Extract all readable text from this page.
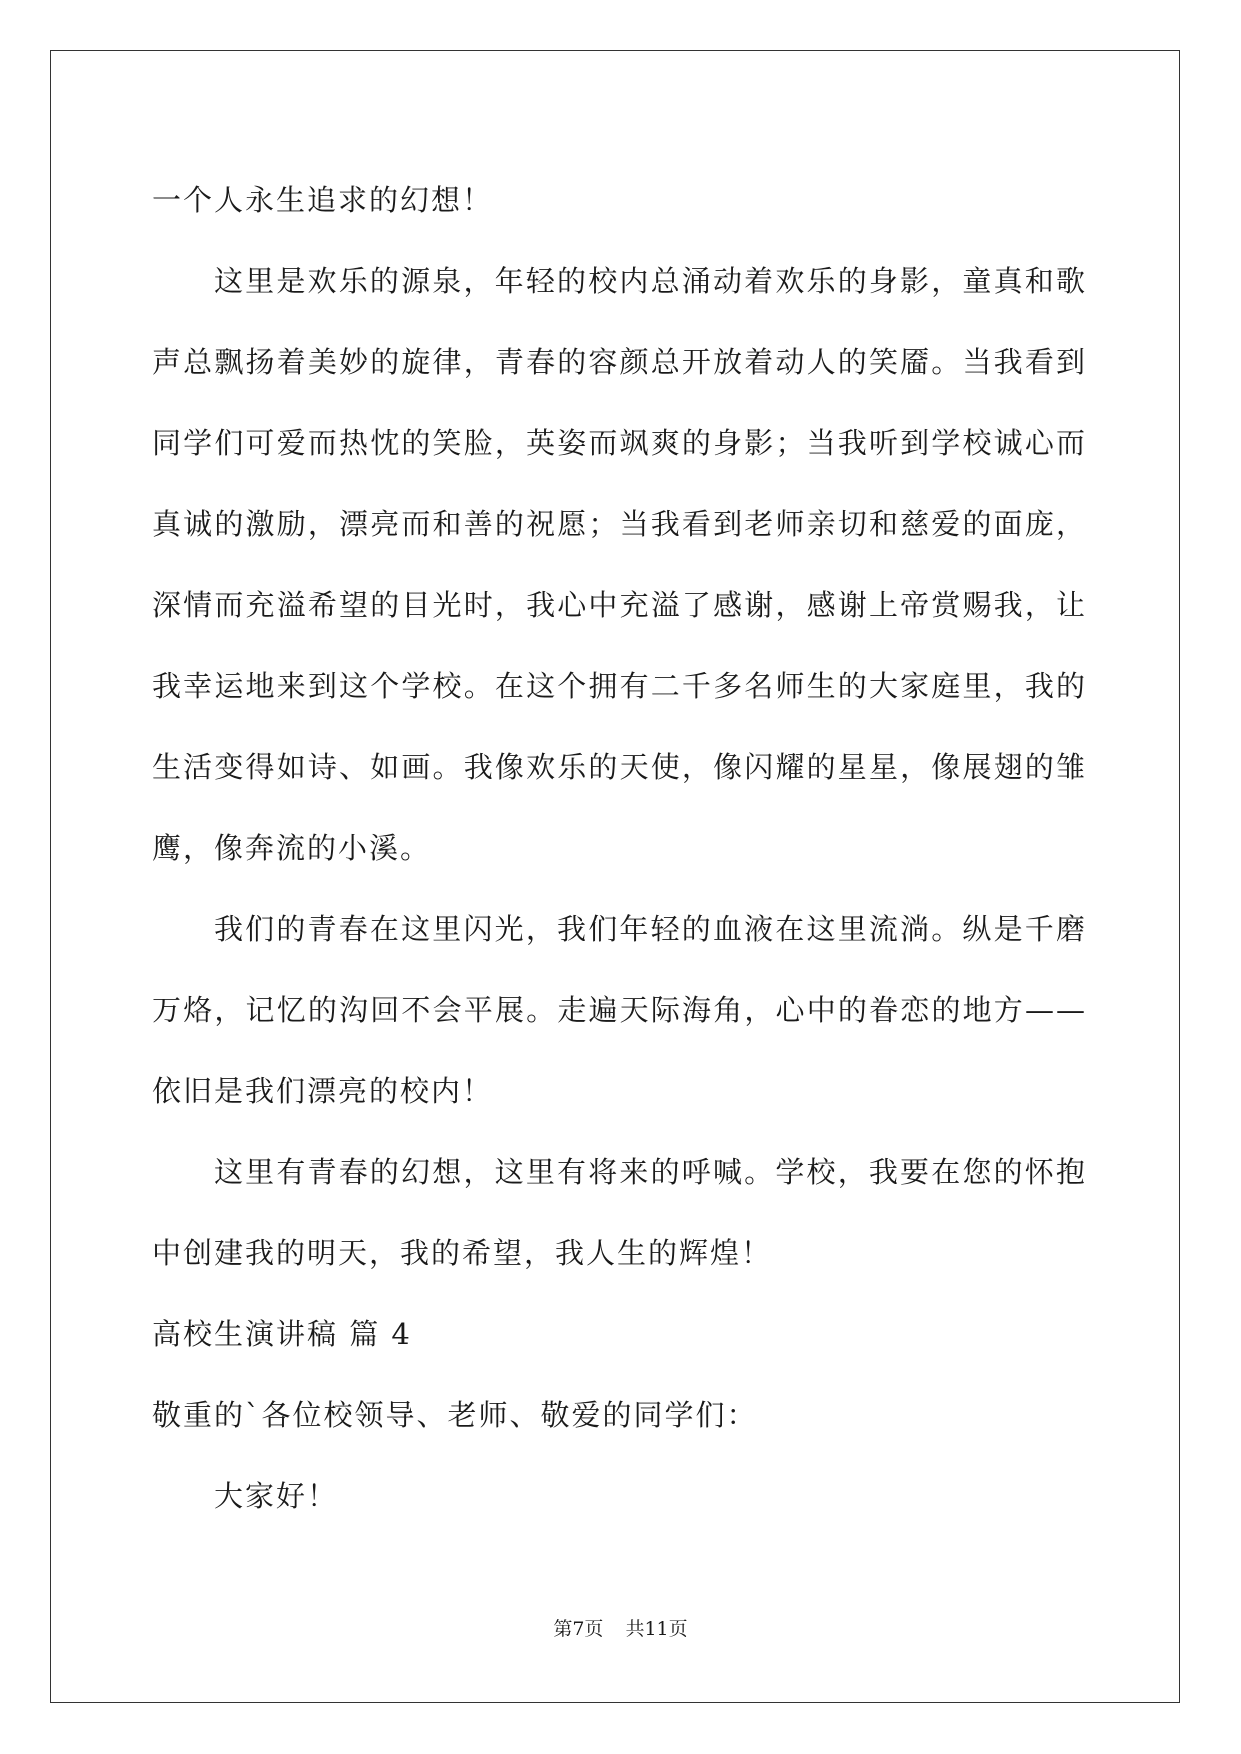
一个人永生追求的幻想！

这里是欢乐的源泉，年轻的校内总涌动着欢乐的身影，童真和歌声总飘扬着美妙的旋律，青春的容颜总开放着动人的笑靥。当我看到同学们可爱而热忱的笑脸，英姿而飒爽的身影；当我听到学校诚心而真诚的激励，漂亮而和善的祝愿；当我看到老师亲切和慈爱的面庞，深情而充溢希望的目光时，我心中充溢了感谢，感谢上帝赏赐我，让我幸运地来到这个学校。在这个拥有二千多名师生的大家庭里，我的生活变得如诗、如画。我像欢乐的天使，像闪耀的星星，像展翅的雏鹰，像奔流的小溪。

我们的青春在这里闪光，我们年轻的血液在这里流淌。纵是千磨万烙，记忆的沟回不会平展。走遍天际海角，心中的眷恋的地方——依旧是我们漂亮的校内！

这里有青春的幻想，这里有将来的呼喊。学校，我要在您的怀抱中创建我的明天，我的希望，我人生的辉煌！

高校生演讲稿 篇 4

敬重的`各位校领导、老师、敬爱的同学们：

大家好！

第7页 共11页
